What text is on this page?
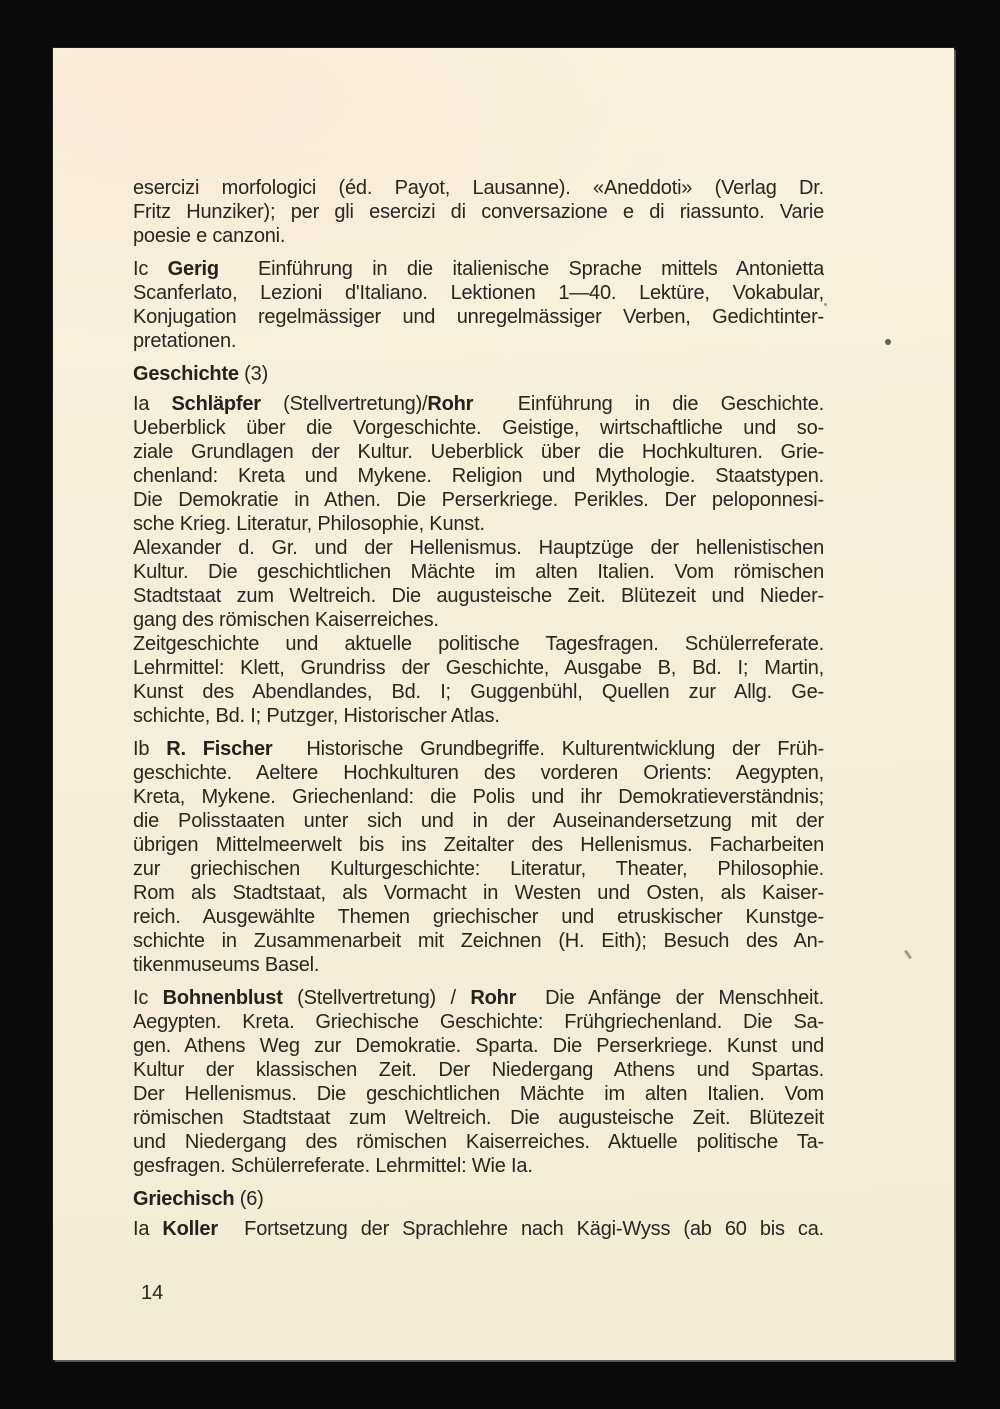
esercizi morfologici (éd. Payot, Lausanne). «Aneddoti» (Verlag Dr.
Fritz Hunziker); per gli esercizi di conversazione e di riassunto. Varie
poesie e canzoni.
Ic Gerig  Einführung in die italienische Sprache mittels Antonietta
Scanferlato, Lezioni d'Italiano. Lektionen 1—40. Lektüre, Vokabular,
Konjugation regelmässiger und unregelmässiger Verben, Gedichtinter-
pretationen.
Geschichte (3)
Ia Schläpfer (Stellvertretung)/Rohr  Einführung in die Geschichte.
Ueberblick über die Vorgeschichte. Geistige, wirtschaftliche und so-
ziale Grundlagen der Kultur. Ueberblick über die Hochkulturen. Grie-
chenland: Kreta und Mykene. Religion und Mythologie. Staatstypen.
Die Demokratie in Athen. Die Perserkriege. Perikles. Der peloponnesi-
sche Krieg. Literatur, Philosophie, Kunst.
Alexander d. Gr. und der Hellenismus. Hauptzüge der hellenistischen
Kultur. Die geschichtlichen Mächte im alten Italien. Vom römischen
Stadtstaat zum Weltreich. Die augusteische Zeit. Blütezeit und Nieder-
gang des römischen Kaiserreiches.
Zeitgeschichte und aktuelle politische Tagesfragen. Schülerreferate.
Lehrmittel: Klett, Grundriss der Geschichte, Ausgabe B, Bd. I; Martin,
Kunst des Abendlandes, Bd. I; Guggenbühl, Quellen zur Allg. Ge-
schichte, Bd. I; Putzger, Historischer Atlas.
Ib R. Fischer  Historische Grundbegriffe. Kulturentwicklung der Früh-
geschichte. Aeltere Hochkulturen des vorderen Orients: Aegypten,
Kreta, Mykene. Griechenland: die Polis und ihr Demokratieverständnis;
die Polisstaaten unter sich und in der Auseinandersetzung mit der
übrigen Mittelmeerwelt bis ins Zeitalter des Hellenismus. Facharbeiten
zur griechischen Kulturgeschichte: Literatur, Theater, Philosophie.
Rom als Stadtstaat, als Vormacht in Westen und Osten, als Kaiser-
reich. Ausgewählte Themen griechischer und etruskischer Kunstge-
schichte in Zusammenarbeit mit Zeichnen (H. Eith); Besuch des An-
tikenmuseums Basel.
Ic Bohnenblust (Stellvertretung) / Rohr  Die Anfänge der Menschheit.
Aegypten. Kreta. Griechische Geschichte: Frühgriechenland. Die Sa-
gen. Athens Weg zur Demokratie. Sparta. Die Perserkriege. Kunst und
Kultur der klassischen Zeit. Der Niedergang Athens und Spartas.
Der Hellenismus. Die geschichtlichen Mächte im alten Italien. Vom
römischen Stadtstaat zum Weltreich. Die augusteische Zeit. Blütezeit
und Niedergang des römischen Kaiserreiches. Aktuelle politische Ta-
gesfragen. Schülerreferate. Lehrmittel: Wie Ia.
Griechisch (6)
Ia Koller  Fortsetzung der Sprachlehre nach Kägi-Wyss (ab 60 bis ca.
14
